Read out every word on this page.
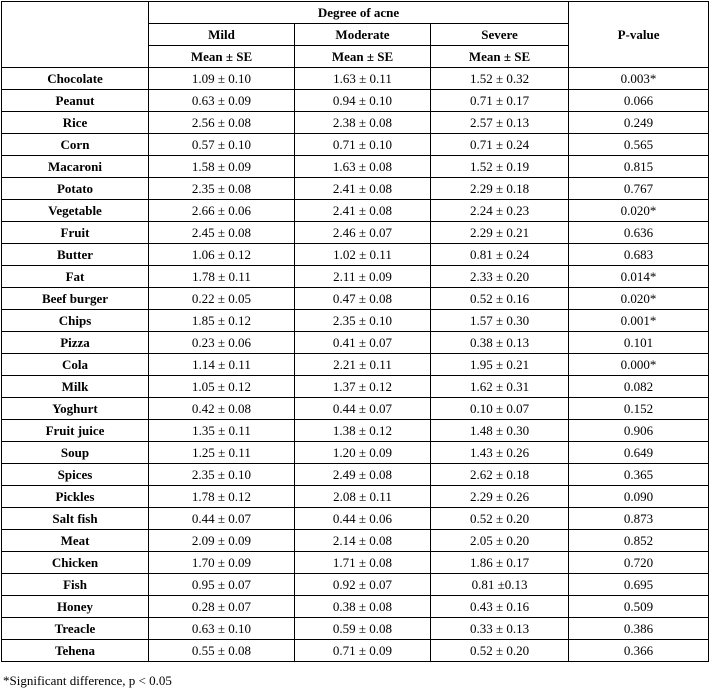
	Degree of acne			P-value
	Mild	Moderate	Severe	
	Mean ± SE	Mean ± SE	Mean ± SE	
Chocolate	1.09 ± 0.10	1.63 ± 0.11	1.52 ± 0.32	0.003*
Peanut	0.63 ± 0.09	0.94 ± 0.10	0.71 ± 0.17	0.066
Rice	2.56 ± 0.08	2.38 ± 0.08	2.57 ± 0.13	0.249
Corn	0.57 ± 0.10	0.71 ± 0.10	0.71 ± 0.24	0.565
Macaroni	1.58 ± 0.09	1.63 ± 0.08	1.52 ± 0.19	0.815
Potato	2.35 ± 0.08	2.41 ± 0.08	2.29 ± 0.18	0.767
Vegetable	2.66 ± 0.06	2.41 ± 0.08	2.24 ± 0.23	0.020*
Fruit	2.45 ± 0.08	2.46 ± 0.07	2.29 ± 0.21	0.636
Butter	1.06 ± 0.12	1.02 ± 0.11	0.81 ± 0.24	0.683
Fat	1.78 ± 0.11	2.11 ± 0.09	2.33 ± 0.20	0.014*
Beef burger	0.22 ± 0.05	0.47 ± 0.08	0.52 ± 0.16	0.020*
Chips	1.85 ± 0.12	2.35 ± 0.10	1.57 ± 0.30	0.001*
Pizza	0.23 ± 0.06	0.41 ± 0.07	0.38 ± 0.13	0.101
Cola	1.14 ± 0.11	2.21 ± 0.11	1.95 ± 0.21	0.000*
Milk	1.05 ± 0.12	1.37 ± 0.12	1.62 ± 0.31	0.082
Yoghurt	0.42 ± 0.08	0.44 ± 0.07	0.10 ± 0.07	0.152
Fruit juice	1.35 ± 0.11	1.38 ± 0.12	1.48 ± 0.30	0.906
Soup	1.25 ± 0.11	1.20 ± 0.09	1.43 ± 0.26	0.649
Spices	2.35 ± 0.10	2.49 ± 0.08	2.62 ± 0.18	0.365
Pickles	1.78 ± 0.12	2.08 ± 0.11	2.29 ± 0.26	0.090
Salt fish	0.44 ± 0.07	0.44 ± 0.06	0.52 ± 0.20	0.873
Meat	2.09 ± 0.09	2.14 ± 0.08	2.05 ± 0.20	0.852
Chicken	1.70 ± 0.09	1.71 ± 0.08	1.86 ± 0.17	0.720
Fish	0.95 ± 0.07	0.92 ± 0.07	0.81 ±0.13	0.695
Honey	0.28 ± 0.07	0.38 ± 0.08	0.43 ± 0.16	0.509
Treacle	0.63 ± 0.10	0.59 ± 0.08	0.33 ± 0.13	0.386
Tehena	0.55 ± 0.08	0.71 ± 0.09	0.52 ± 0.20	0.366
*Significant difference, p < 0.05
